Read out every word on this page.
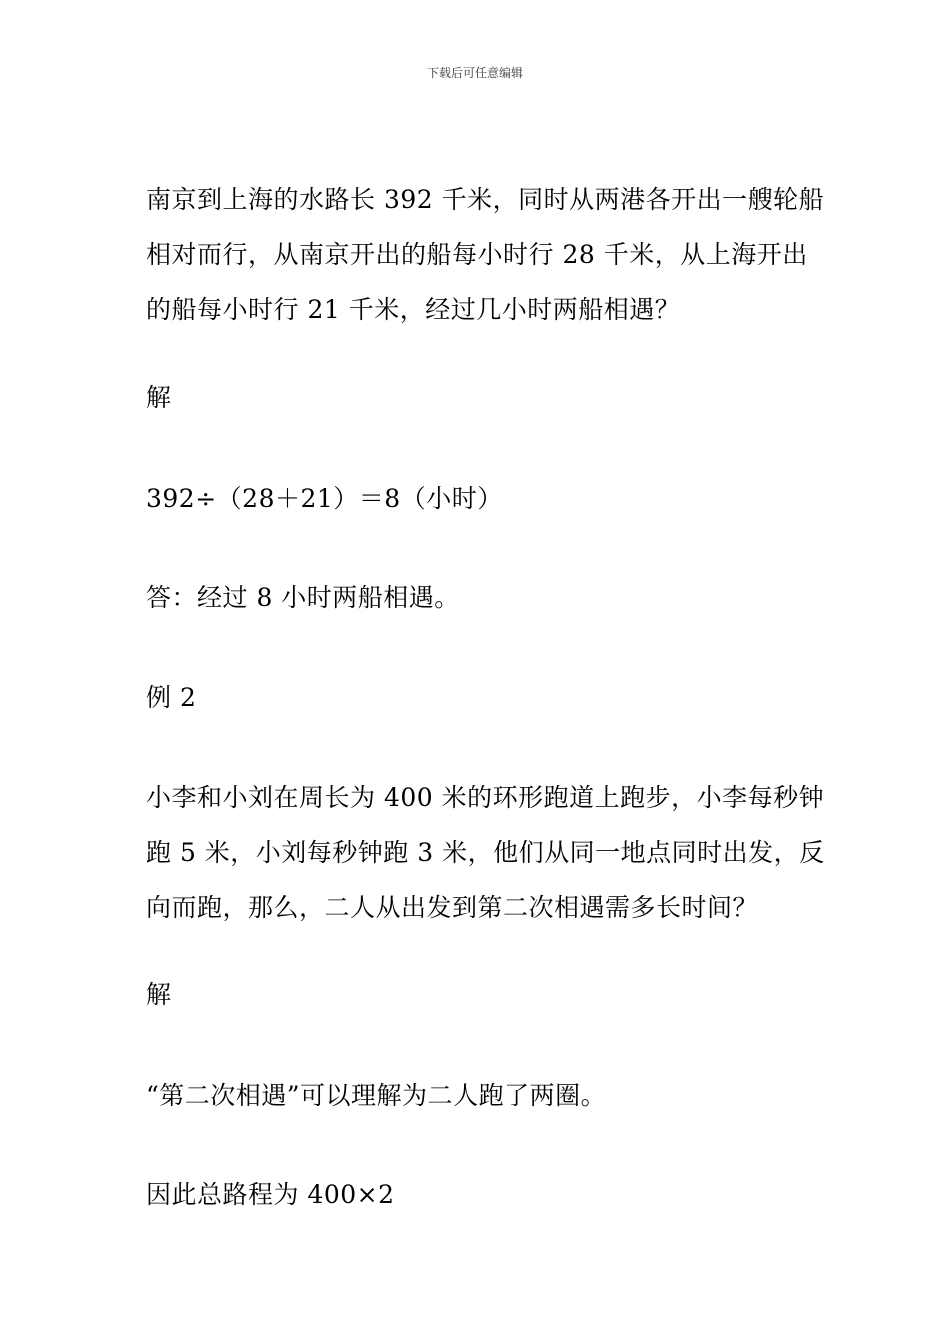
下载后可任意编辑

南京到上海的水路长 392 千米，同时从两港各开出一艘轮船

相对而行，从南京开出的船每小时行 28 千米，从上海开出

的船每小时行 21 千米，经过几小时两船相遇？

解

392÷（28＋21）＝8（小时）

答：经过 8 小时两船相遇。

例 2

小李和小刘在周长为 400 米的环形跑道上跑步，小李每秒钟

跑 5 米，小刘每秒钟跑 3 米，他们从同一地点同时出发，反

向而跑，那么，二人从出发到第二次相遇需多长时间？

解

“第二次相遇”可以理解为二人跑了两圈。

因此总路程为 400×2
